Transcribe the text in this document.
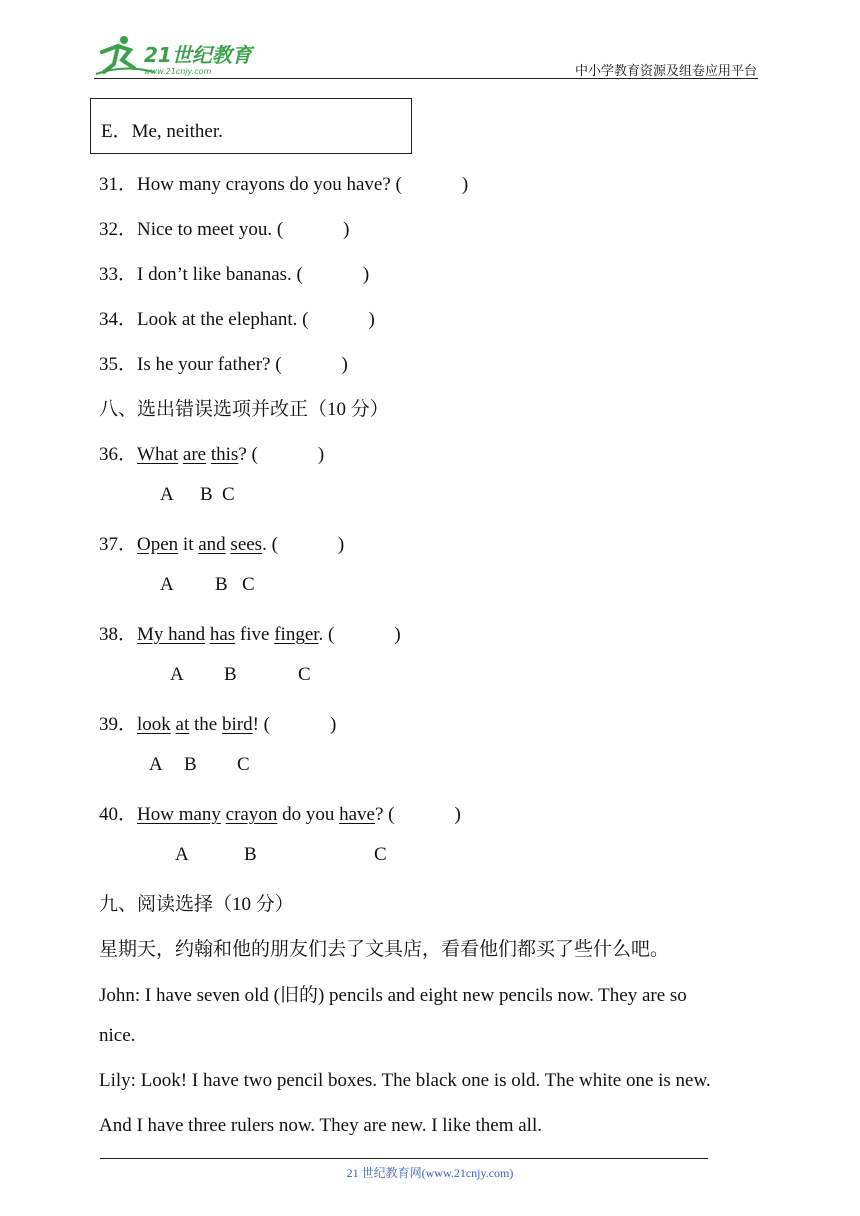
21世纪教育
www.21cnjy.com	中小学教育资源及组卷应用平台
E．Me, neither.
31．How many crayons do you have? (	)
32．Nice to meet you. (	)
33．I don’t like bananas. (	)
34．Look at the elephant. (	)
35．Is he your father? (	)
八、选出错误选项并改正（10 分）
36．What are this? (	)
A B C
37．Open it and sees. (	)
A B C
38．My hand has five finger. (	)
A B	C
39．look at the bird! (	)
A B C
40．How many crayon do you have? (	)
A	B	C
九、阅读选择（10 分）
星期天，约翰和他的朋友们去了文具店，看看他们都买了些什么吧。
John: I have seven old (旧的) pencils and eight new pencils now. They are so
nice.
Lily: Look! I have two pencil boxes. The black one is old. The white one is new.
And I have three rulers now. They are new. I like them all.
21 世纪教育网(www.21cnjy.com)
